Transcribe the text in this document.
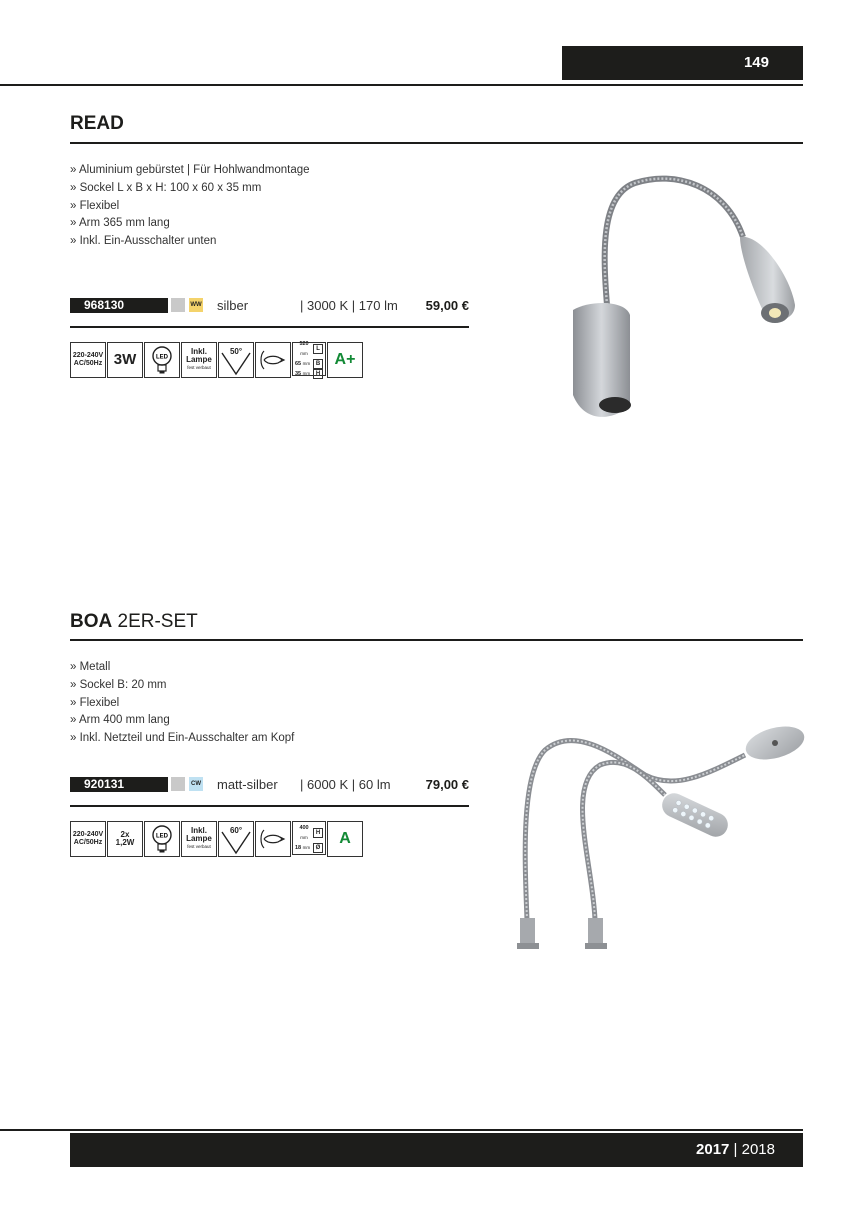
149
READ
» Aluminium gebürstet | Für Hohlwandmontage
» Sockel L x B x H: 100 x 60 x 35 mm
» Flexibel
» Arm 365 mm lang
» Inkl. Ein-Ausschalter unten
968130	WW silber	| 3000 K | 170 lm	59,00 €
220-240V AC/50Hz 3W	LED
Inkl.
Lampe
fest verbaut
50°
520 mm
L
65 mm B
35 mm H
A+
BOA 2ER-SET
» Metall
» Sockel B: 20 mm
» Flexibel
» Arm 400 mm lang
» Inkl. Netzteil und Ein-Ausschalter am Kopf
920131	CW matt-silber | 6000 K | 60 lm	79,00 €
220-240V AC/50Hz
2x
1,2W
LED
Inkl.
Lampe
fest verbaut
60°	400 mm
H
18 mm Ø
A
2017 | 2018
